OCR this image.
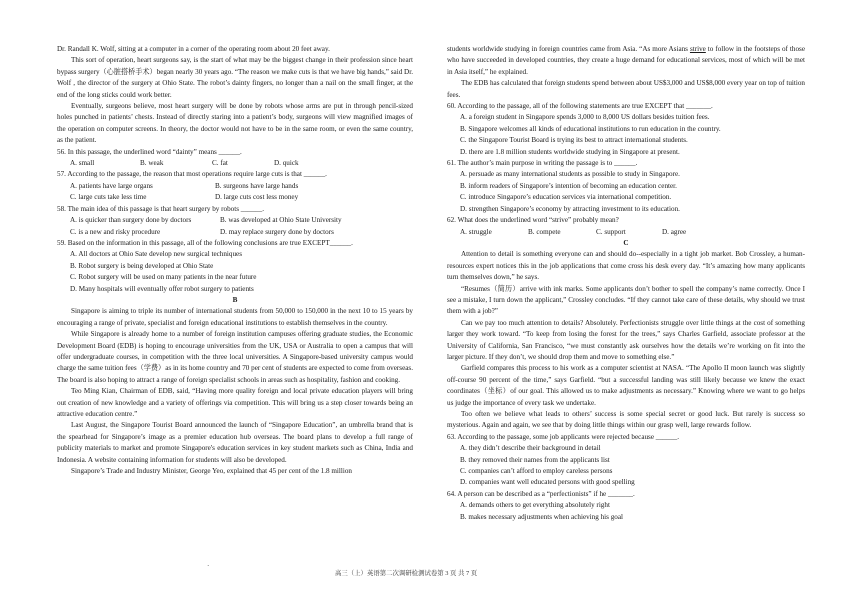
Dr. Randall K. Wolf, sitting at a computer in a corner of the operating room about 20 feet away.

This sort of operation, heart surgeons say, is the start of what may be the biggest change in their profession since heart bypass surgery（心脏搭桥手术）began nearly 30 years ago. “The reason we make cuts is that we have big hands,” said Dr. Wolf , the director of the surgery at Ohio State. The robot’s dainty fingers, no longer than a nail on the small finger, at the end of the long sticks could work better.

Eventually, surgeons believe, most heart surgery will be done by robots whose arms are put in through pencil-sized holes punched in patients’ chests. Instead of directly staring into a patient’s body, surgeons will view magnified images of the operation on computer screens. In theory, the doctor would not have to be in the same room, or even the same country, as the patient.

56. In this passage, the underlined word “dainty” means ______.

A. small	B. weak	C. fat	D. quick

57. According to the passage, the reason that most operations require large cuts is that ______.

A. patients have large organs	B. surgeons have large hands
C. large cuts take less time	D. large cuts cost less money

58. The main idea of this passage is that heart surgery by robots ______.

A. is quicker than surgery done by doctors	B. was developed at Ohio State University
C. is a new and risky procedure	D. may replace surgery done by doctors

59. Based on the information in this passage, all of the following conclusions are true EXCEPT______.

A. All doctors at Ohio Sate develop new surgical techniques

B. Robot surgery is being developed at Ohio State

C. Robot surgery will be used on many patients in the near future

D. Many hospitals will eventually offer robot surgery to patients

B

Singapore is aiming to triple its number of international students from 50,000 to 150,000 in the next 10 to 15 years by encouraging a range of private, specialist and foreign educational institutions to establish themselves in the country.

While Singapore is already home to a number of foreign institution campuses offering graduate studies, the Economic Development Board (EDB) is hoping to encourage universities from the UK, USA or Australia to open a campus that will offer undergraduate courses, in competition with the three local universities. A Singapore-based university campus would charge the same tuition fees（学费）as in its home country and 70 per cent of students are expected to come from overseas. The board is also hoping to attract a range of foreign specialist schools in areas such as hospitality, fashion and cooking.

Teo Ming Kian, Chairman of EDB, said, “Having more quality foreign and local private education players will bring out creation of new knowledge and a variety of offerings via competition. This will bring us a step closer towards being an attractive education centre.”

Last August, the Singapore Tourist Board announced the launch of “Singapore Education”, an umbrella brand that is the spearhead for Singapore’s image as a premier education hub overseas. The board plans to develop a full range of publicity materials to market and promote Singapore's education services in key student markets such as China, India and Indonesia. A website containing information for students will also be developed.

Singapore’s Trade and Industry Minister, George Yeo, explained that 45 per cent of the 1.8 million

students worldwide studying in foreign countries came from Asia. “As more Asians strive to follow in the footsteps of those who have succeeded in developed countries, they create a huge demand for educational services, most of which will be met in Asia itself,” he explained.

The EDB has calculated that foreign students spend between about US$3,000 and US$8,000 every year on top of tuition fees.

60. According to the passage, all of the following statements are true EXCEPT that _______.

A. a foreign student in Singapore spends 3,000 to 8,000 US dollars besides tuition fees.

B. Singapore welcomes all kinds of educational institutions to run education in the country.

C. the Singapore Tourist Board is trying its best to attract international students.

D. there are 1.8 million students worldwide studying in Singapore at present.

61. The author’s main purpose in writing the passage is to ______.

A. persuade as many international students as possible to study in Singapore.

B. inform readers of Singapore’s intention of becoming an education center.

C. introduce Singapore’s education services via international competition.

D. strengthen Singapore’s economy by attracting investment to its education.

62. What does the underlined word “strive” probably mean?

A. struggle	B. compete	C. support	D. agree

C

Attention to detail is something everyone can and should do--especially in a tight job market. Bob Crossley, a human-resources expert notices this in the job applications that come cross his desk every day. “It’s amazing how many applicants turn themselves down,” he says.

“Resumes（简历）arrive with ink marks. Some applicants don’t bother to spell the company’s name correctly. Once I see a mistake, I turn down the applicant,” Crossley concludes. “If they cannot take care of these details, why should we trust them with a job?”

Can we pay too much attention to details? Absolutely. Perfectionists struggle over little things at the cost of something larger they work toward. “To keep from losing the forest for the trees,” says Charles Garfield, associate professor at the University of California, San Francisco, “we must constantly ask ourselves how the details we’re working on fit into the larger picture. If they don’t, we should drop them and move to something else.”

Garfield compares this process to his work as a computer scientist at NASA. “The Apollo II moon launch was slightly off-course 90 percent of the time,” says Garfield. “but a successful landing was still likely because we knew the exact coordinates（坐标）of our goal. This allowed us to make adjustments as necessary.” Knowing where we want to go helps us judge the importance of every task we undertake.

Too often we believe what leads to others’ success is some special secret or good luck. But rarely is success so mysterious. Again and again, we see that by doing little things within our grasp well, large rewards follow.

63. According to the passage, some job applicants were rejected because ______.

A. they didn’t describe their background in detail

B. they removed their names from the applicants list

C. companies can’t afford to employ careless persons

D. companies want well educated persons with good spelling

64. A person can be described as a “perfectionists” if he _______.

A. demands others to get everything absolutely right

B. makes necessary adjustments when achieving his goal

·
高三（上）英语第二次调研检测试卷第 3 页 共 7 页
